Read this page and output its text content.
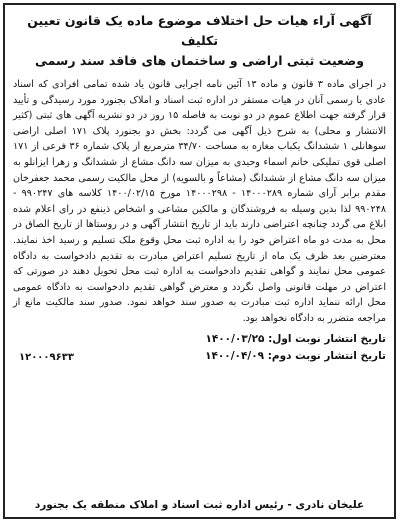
آگهی آراء هیات حل اختلاف موضوع ماده یک قانون تعیین تکلیف
وضعیت ثبتی اراضی و ساختمان های فاقد سند رسمی

در اجرای ماده ۳ قانون و ماده ۱۳ آئین نامه اجرایی قانون یاد شده تمامی افرادی که اسناد عادی یا رسمی آنان در هیات مستقر در اداره ثبت اسناد و املاک بجنورد مورد رسیدگی و تأیید قرار گرفته جهت اطلاع عموم در دو نوبت به فاصله ۱۵ روز در دو نشریه آگهی های ثبتی (کثیر الانتشار و محلی) به شرح ذیل آگهی می گردد: بخش دو بجنورد پلاک ۱۷۱ اصلی اراضی سوهانلی ۱ ششدانگ یکباب مغازه به مساحت ۳۴/۷۰ مترمربع از پلاک شماره ۳۶ فرعی از ۱۷۱ اصلی قوی تملیکی خانم اسماء وحیدی به میزان سه دانگ مشاع از ششدانگ و زهرا ایزانلو به میزان سه دانگ مشاع از ششدانگ (مشاعاً و بالسویه) از محل مالکیت رسمی محمد جعفرخان مقدم برابر آرای شماره ۱۴۰۰۰۲۸۹ - ۱۴۰۰۰۲۹۸ مورخ ۱۴۰۰/۰۲/۱۵ کلاسه های ۹۹۰۲۴۷ - ۹۹۰۲۴۸ لذا بدین وسیله به فروشندگان و مالکین مشاعی و اشخاص ذینفع در رای اعلام شده ابلاغ می گردد چنانچه اعتراضی دارند باید از تاریخ انتشار آگهی و در روستاها از تاریخ الصاق در محل به مدت دو ماه اعتراض خود را به اداره ثبت محل وقوع ملک تسلیم و رسید اخذ نمایند. معترضین بعد ظرف یک ماه از تاریخ تسلیم اعتراض مبادرت به تقدیم دادخواست به دادگاه عمومی محل نمایند و گواهی تقدیم دادخواست به اداره ثبت محل تحویل دهند در صورتی که اعتراض در مهلت قانونی واصل نگردد و معترض گواهی تقدیم دادخواست به دادگاه عمومی محل ارائه ننماید اداره ثبت مبادرت به صدور سند خواهد نمود. صدور سند مالکیت مانع از مراجعه متضرر به دادگاه نخواهد بود.

تاریخ انتشار نوبت اول: ۱۴۰۰/۰۳/۲۵
تاریخ انتشار نوبت دوم: ۱۴۰۰/۰۴/۰۹
۱۲۰۰۰۹۶۳۳
علیخان نادری - رئیس اداره ثبت اسناد و املاک منطقه یک بجنورد
